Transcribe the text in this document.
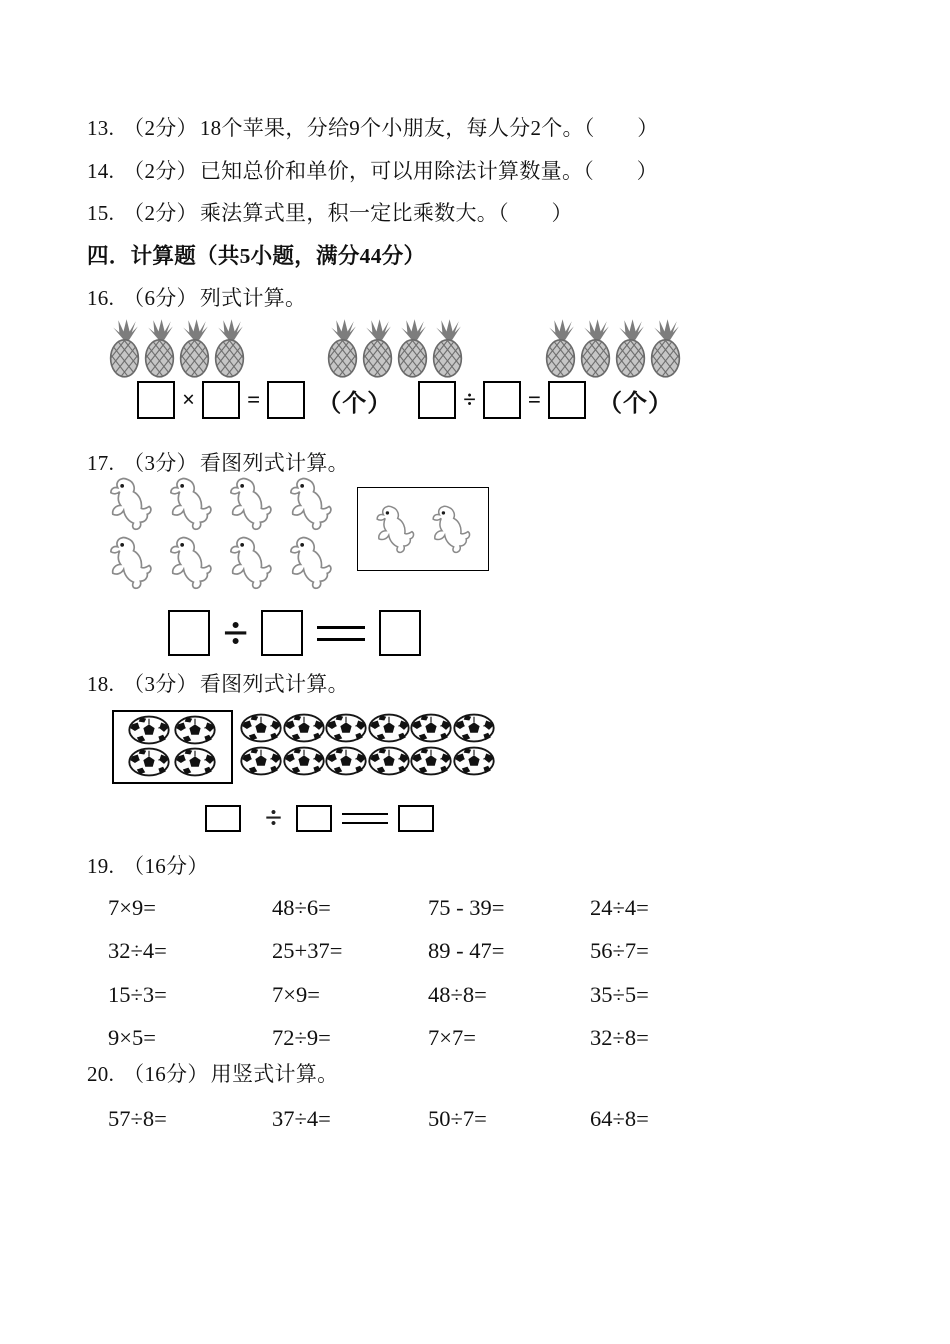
13. （2分）18个苹果，分给9个小朋友，每人分2个。（　　）
14. （2分）已知总价和单价，可以用除法计算数量。（　　）
15. （2分）乘法算式里，积一定比乘数大。（　　）
四．计算题（共5小题，满分44分）
16. （6分）列式计算。
× = （个）	÷ = （个）
17. （3分）看图列式计算。
÷
18. （3分）看图列式计算。
÷
19. （16分）
7×9=	48÷6=	75 - 39=	24÷4=
32÷4=	25+37=	89 - 47=	56÷7=
15÷3=	7×9=	48÷8=	35÷5=
9×5=	72÷9=	7×7=	32÷8=
20. （16分）用竖式计算。
57÷8=	37÷4=	50÷7=	64÷8=
